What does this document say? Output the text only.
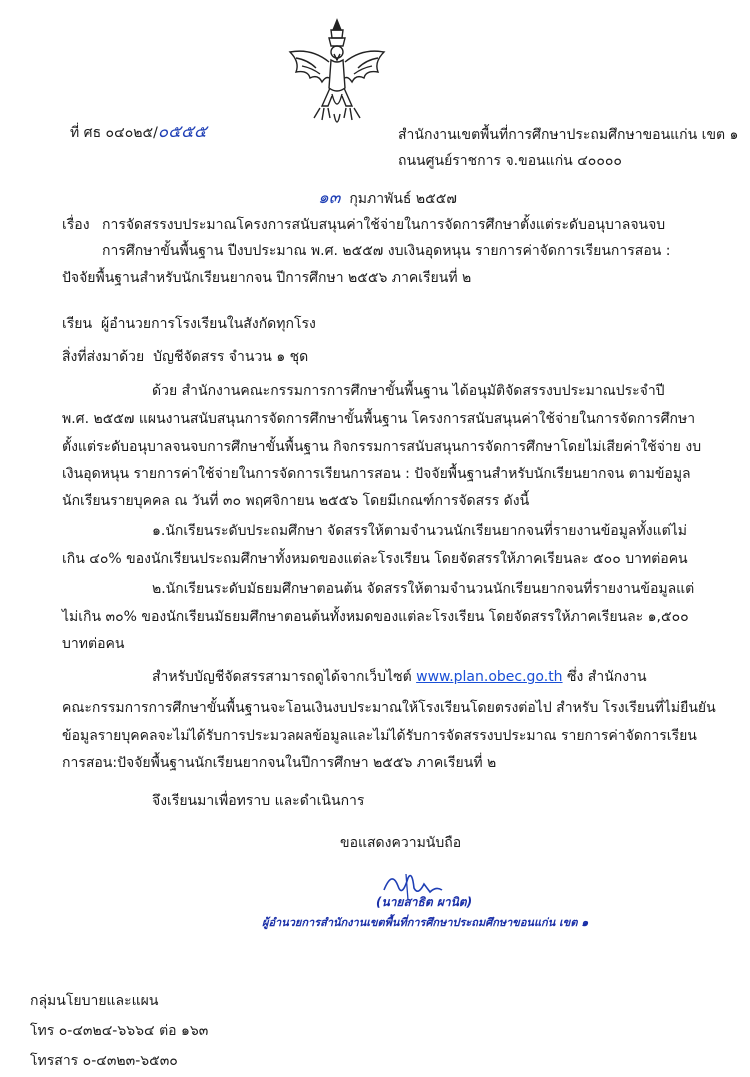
ที่ ศธ ๐๔๐๒๕/๐๕๕๕	สำนักงานเขตพื้นที่การศึกษาประถมศึกษาขอนแก่น เขต ๑
ถนนศูนย์ราชการ จ.ขอนแก่น ๔๐๐๐๐
๑๓ กุมภาพันธ์ ๒๕๕๗
เรื่อง การจัดสรรงบประมาณโครงการสนับสนุนค่าใช้จ่ายในการจัดการศึกษาตั้งแต่ระดับอนุบาลจนจบ
การศึกษาขั้นพื้นฐาน ปีงบประมาณ พ.ศ. ๒๕๕๗ งบเงินอุดหนุน รายการค่าจัดการเรียนการสอน :
ปัจจัยพื้นฐานสำหรับนักเรียนยากจน ปีการศึกษา ๒๕๕๖ ภาคเรียนที่ ๒
เรียน ผู้อำนวยการโรงเรียนในสังกัดทุกโรง
สิ่งที่ส่งมาด้วย บัญชีจัดสรร จำนวน ๑ ชุด
ด้วย สำนักงานคณะกรรมการการศึกษาขั้นพื้นฐาน ได้อนุมัติจัดสรรงบประมาณประจำปี
พ.ศ. ๒๕๕๗ แผนงานสนับสนุนการจัดการศึกษาขั้นพื้นฐาน โครงการสนับสนุนค่าใช้จ่ายในการจัดการศึกษา
ตั้งแต่ระดับอนุบาลจนจบการศึกษาขั้นพื้นฐาน กิจกรรมการสนับสนุนการจัดการศึกษาโดยไม่เสียค่าใช้จ่าย งบ
เงินอุดหนุน รายการค่าใช้จ่ายในการจัดการเรียนการสอน : ปัจจัยพื้นฐานสำหรับนักเรียนยากจน ตามข้อมูล
นักเรียนรายบุคคล ณ วันที่ ๓๐ พฤศจิกายน ๒๕๕๖ โดยมีเกณฑ์การจัดสรร ดังนี้
๑.นักเรียนระดับประถมศึกษา จัดสรรให้ตามจำนวนนักเรียนยากจนที่รายงานข้อมูลทั้งแต่ไม่
เกิน ๔๐% ของนักเรียนประถมศึกษาทั้งหมดของแต่ละโรงเรียน โดยจัดสรรให้ภาคเรียนละ ๕๐๐ บาทต่อคน
๒.นักเรียนระดับมัธยมศึกษาตอนต้น จัดสรรให้ตามจำนวนนักเรียนยากจนที่รายงานข้อมูลแต่
ไม่เกิน ๓๐% ของนักเรียนมัธยมศึกษาตอนต้นทั้งหมดของแต่ละโรงเรียน โดยจัดสรรให้ภาคเรียนละ ๑,๕๐๐
บาทต่อคน
สำหรับบัญชีจัดสรรสามารถดูได้จากเว็บไซต์ www.plan.obec.go.th ซึ่ง สำนักงาน
คณะกรรมการการศึกษาขั้นพื้นฐานจะโอนเงินงบประมาณให้โรงเรียนโดยตรงต่อไป สำหรับ โรงเรียนที่ไม่ยืนยัน
ข้อมูลรายบุคคลจะไม่ได้รับการประมวลผลข้อมูลและไม่ได้รับการจัดสรรงบประมาณ รายการค่าจัดการเรียน
การสอน:ปัจจัยพื้นฐานนักเรียนยากจนในปีการศึกษา ๒๕๕๖ ภาคเรียนที่ ๒
จึงเรียนมาเพื่อทราบ และดำเนินการ
ขอแสดงความนับถือ
(นายสาธิต ผานิต)
ผู้อำนวยการสำนักงานเขตพื้นที่การศึกษาประถมศึกษาขอนแก่น เขต ๑
กลุ่มนโยบายและแผน
โทร ๐-๔๓๒๔-๖๖๖๔ ต่อ ๑๖๓
โทรสาร ๐-๔๓๒๓-๖๕๓๐
